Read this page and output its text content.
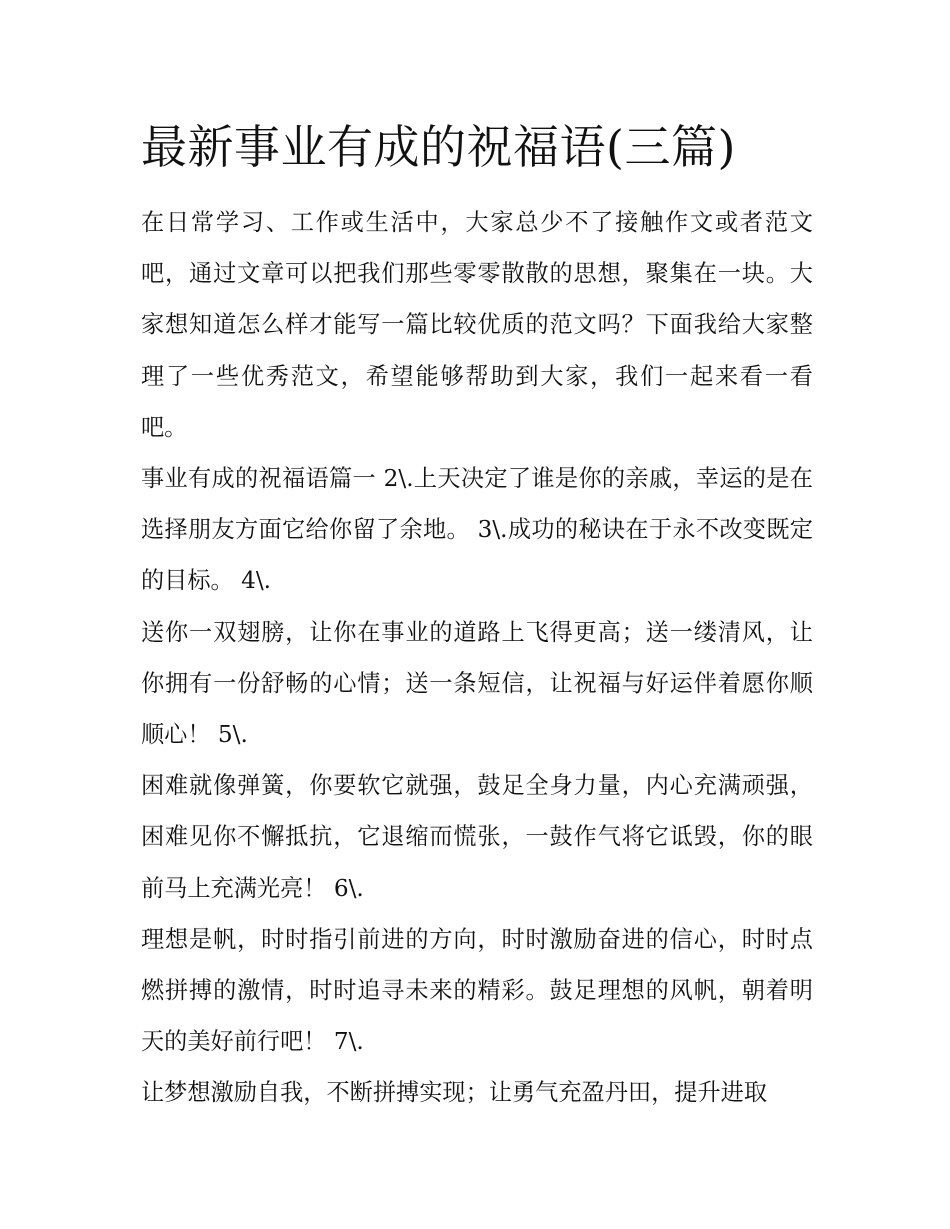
最新事业有成的祝福语(三篇)

在日常学习、工作或生活中，大家总少不了接触作文或者范文吧，通过文章可以把我们那些零零散散的思想，聚集在一块。大家想知道怎么样才能写一篇比较优质的范文吗？下面我给大家整理了一些优秀范文，希望能够帮助到大家，我们一起来看一看吧。

事业有成的祝福语篇一 2\.上天决定了谁是你的亲戚，幸运的是在选择朋友方面它给你留了余地。 3\.成功的秘诀在于永不改变既定的目标。 4\.

送你一双翅膀，让你在事业的道路上飞得更高；送一缕清风，让你拥有一份舒畅的心情；送一条短信，让祝福与好运伴着愿你顺顺心！ 5\.

困难就像弹簧，你要软它就强，鼓足全身力量，内心充满顽强，困难见你不懈抵抗，它退缩而慌张，一鼓作气将它诋毁，你的眼前马上充满光亮！ 6\.

理想是帆，时时指引前进的方向，时时激励奋进的信心，时时点燃拼搏的激情，时时追寻未来的精彩。鼓足理想的风帆，朝着明天的美好前行吧！ 7\.

让梦想激励自我，不断拼搏实现；让勇气充盈丹田，提升进取
